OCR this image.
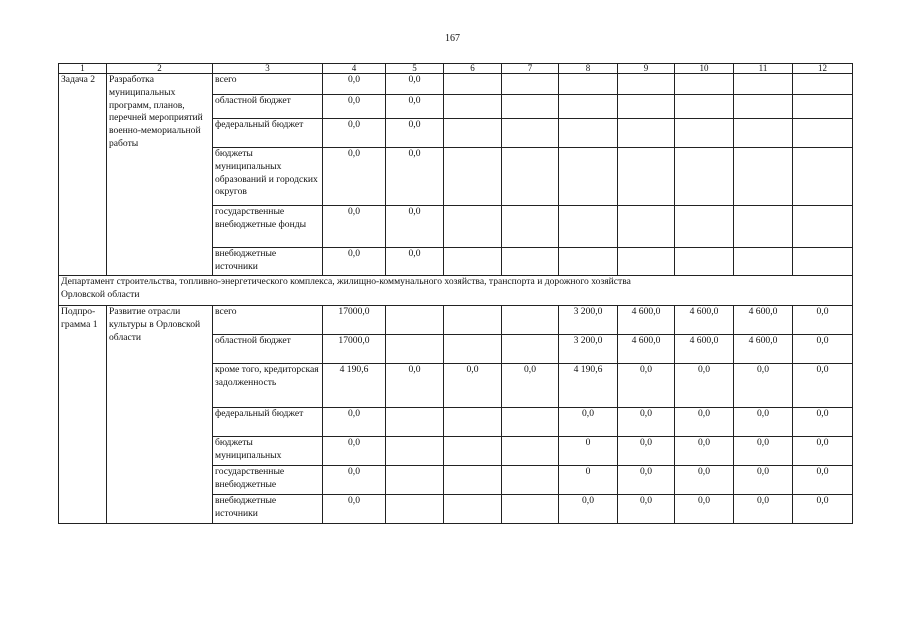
167
1	2	3	4	5	6	7	8	9	10	11	12
Задача 2	Разработка муниципальных программ, планов, перечней мероприятий военно-мемориальной работы	всего	0,0	0,0							
		областной бюджет	0,0	0,0							
		федеральный бюджет	0,0	0,0							
		бюджеты муниципальных образований и городских округов	0,0	0,0							
		государственные внебюджетные фонды	0,0	0,0							
		внебюджетные источники	0,0	0,0							

Департамент строительства, топливно-энергетического комплекса, жилищно-коммунального хозяйства, транспорта и дорожного хозяйства Орловской области											

Подпро-грамма 1	Развитие отрасли культуры в Орловской области	всего	17000,0				3 200,0	4 600,0	4 600,0	4 600,0	0,0
		областной бюджет	17000,0				3 200,0	4 600,0	4 600,0	4 600,0	0,0
		кроме того, кредиторская задолженность	4 190,6	0,0	0,0	0,0	4 190,6	0,0	0,0	0,0	0,0
		федеральный бюджет	0,0				0,0	0,0	0,0	0,0	0,0
		бюджеты муниципальных	0,0				0	0,0	0,0	0,0	0,0
		государственные внебюджетные	0,0				0	0,0	0,0	0,0	0,0
		внебюджетные источники	0,0				0,0	0,0	0,0	0,0	0,0
